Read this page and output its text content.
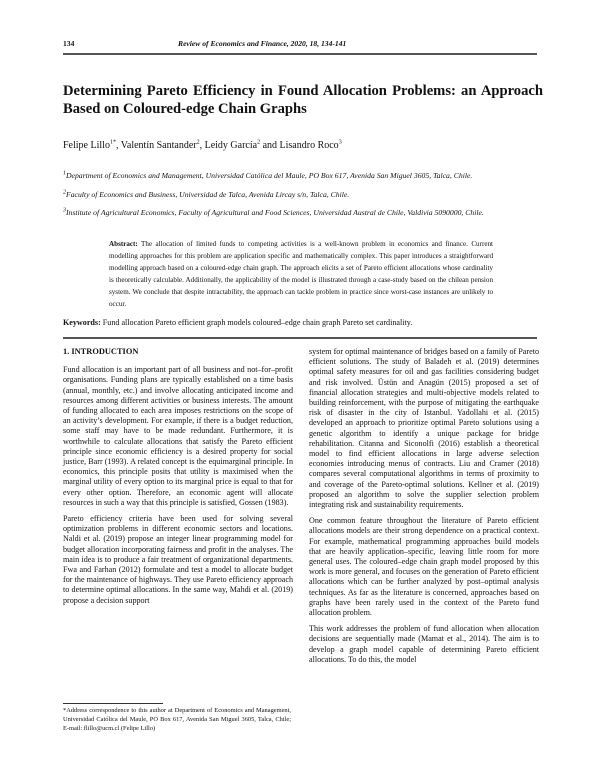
134	Review of Economics and Finance, 2020, 18, 134-141
Determining Pareto Efficiency in Found Allocation Problems: an Approach Based on Coloured-edge Chain Graphs
Felipe Lillo$^{1*}$, Valentín Santander$^2$, Leidy García$^2$ and Lisandro Roco$^3$
$^1$Department of Economics and Management, Universidad Católica del Maule, PO Box 617, Avenida San Miguel 3605, Talca, Chile.
$^2$Faculty of Economics and Business, Universidad de Talca, Avenida Lircay s/n, Talca, Chile.
$^3$Institute of Agricultural Economics, Faculty of Agricultural and Food Sciences, Universidad Austral de Chile, Valdivia 5090000, Chile.
Abstract: The allocation of limited funds to competing activities is a well-known problem in economics and finance. Current modelling approaches for this problem are application specific and mathematically complex. This paper introduces a straightforward modelling approach based on a coloured-edge chain graph. The approach elicits a set of Pareto efficient allocations whose cardinality is theoretically calculable. Additionally, the applicability of the model is illustrated through a case-study based on the chilean pension system. We conclude that despite intractability, the approach can tackle problem in practice since worst-case instances are unlikely to occur.
Keywords: Fund allocation Pareto efficient graph models coloured–edge chain graph Pareto set cardinality.
1. INTRODUCTION

Fund allocation is an important part of all business and not–for–profit organisations. Funding plans are typically established on a time basis (annual, monthly, etc.) and involve allocating anticipated income and resources among different activities or business interests. The amount of funding allocated to each area imposes restrictions on the scope of an activity’s development. For example, if there is a budget reduction, some staff may have to be made redundant. Furthermore, it is worthwhile to calculate allocations that satisfy the Pareto efficient principle since economic efficiency is a desired property for social justice, Barr (1993). A related concept is the equimarginal principle. In economics, this principle posits that utility is maximised when the marginal utility of every option to its marginal price is equal to that for every other option. Therefore, an economic agent will allocate resources in such a way that this principle is satisfied, Gossen (1983).

Pareto efficiency criteria have been used for solving several optimization problems in different economic sectors and locations. Naldi et al. (2019) propose an integer linear programming model for budget allocation incorporating fairness and profit in the analyses. The main idea is to produce a fair treatment of organizational departments. Fwa and Farhan (2012) formulate and test a model to allocate budget for the maintenance of highways. They use Pareto efficiency approach to determine optimal allocations. In the same way, Mahdi et al. (2019) propose a decision support

system for optimal maintenance of bridges based on a family of Pareto efficient solutions. The study of Baladeh et al. (2019) determines optimal safety measures for oil and gas facilities considering budget and risk involved. Üstün and Anagün (2015) proposed a set of financial allocation strategies and multi-objective models related to building reinforcement, with the purpose of mitigating the earthquake risk of disaster in the city of Istanbul. Yadollahi et al. (2015) developed an approach to prioritize optimal Pareto solutions using a genetic algorithm to identify a unique package for bridge rehabilitation. Citanna and Siconolfi (2016) establish a theoretical model to find efficient allocations in large adverse selection economies introducing menus of contracts. Liu and Cramer (2018) compares several computational algorithms in terms of proximity to and coverage of the Pareto-optimal solutions. Kellner et al. (2019) proposed an algorithm to solve the supplier selection problem integrating risk and sustainability requirements.

One common feature throughout the literature of Pareto efficient allocations models are their strong dependence on a practical context. For example, mathematical programming approaches build models that are heavily application–specific, leaving little room for more general uses. The coloured–edge chain graph model proposed by this work is more general, and focuses on the generation of Pareto efficient allocations which can be further analyzed by post–optimal analysis techniques. As far as the literature is concerned, approaches based on graphs have been rarely used in the context of the Pareto fund allocation problem.

This work addresses the problem of fund allocation when allocation decisions are sequentially made (Mamat et al., 2014). The aim is to develop a graph model capable of determining Pareto efficient allocations. To do this, the model

*Address correspondence to this author at Department of Economics and Management, Universidad Católica del Maule, PO Box 617, Avenida San Miguel 3605, Talca, Chile; E-mail: flillo@ucm.cl (Felipe Lillo)
